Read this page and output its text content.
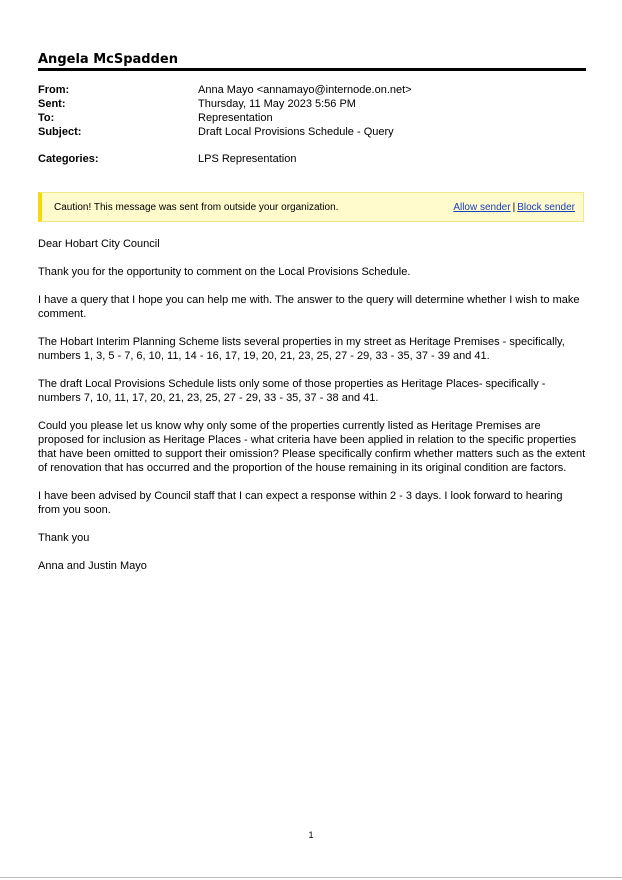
Angela McSpadden
From:	Anna Mayo <annamayo@internode.on.net>
Sent:	Thursday, 11 May 2023 5:56 PM
To:	Representation
Subject:	Draft Local Provisions Schedule - Query
Categories:	LPS Representation
Caution! This message was sent from outside your organization.	Allow sender | Block sender

Dear Hobart City Council

Thank you for the opportunity to comment on the Local Provisions Schedule.

I have a query that I hope you can help me with. The answer to the query will determine whether I wish to make comment.

The Hobart Interim Planning Scheme lists several properties in my street as Heritage Premises - specifically, numbers 1, 3, 5 - 7, 6, 10, 11, 14 - 16, 17, 19, 20, 21, 23, 25, 27 - 29, 33 - 35, 37 - 39 and 41.

The draft Local Provisions Schedule lists only some of those properties as Heritage Places- specifically - numbers 7, 10, 11, 17, 20, 21, 23, 25, 27 - 29, 33 - 35, 37 - 38 and 41.

Could you please let us know why only some of the properties currently listed as Heritage Premises are proposed for inclusion as Heritage Places - what criteria have been applied in relation to the specific properties that have been omitted to support their omission? Please specifically confirm whether matters such as the extent of renovation that has occurred and the proportion of the house remaining in its original condition are factors.

I have been advised by Council staff that I can expect a response within 2 - 3 days. I look forward to hearing from you soon.

Thank you

Anna and Justin Mayo

1
